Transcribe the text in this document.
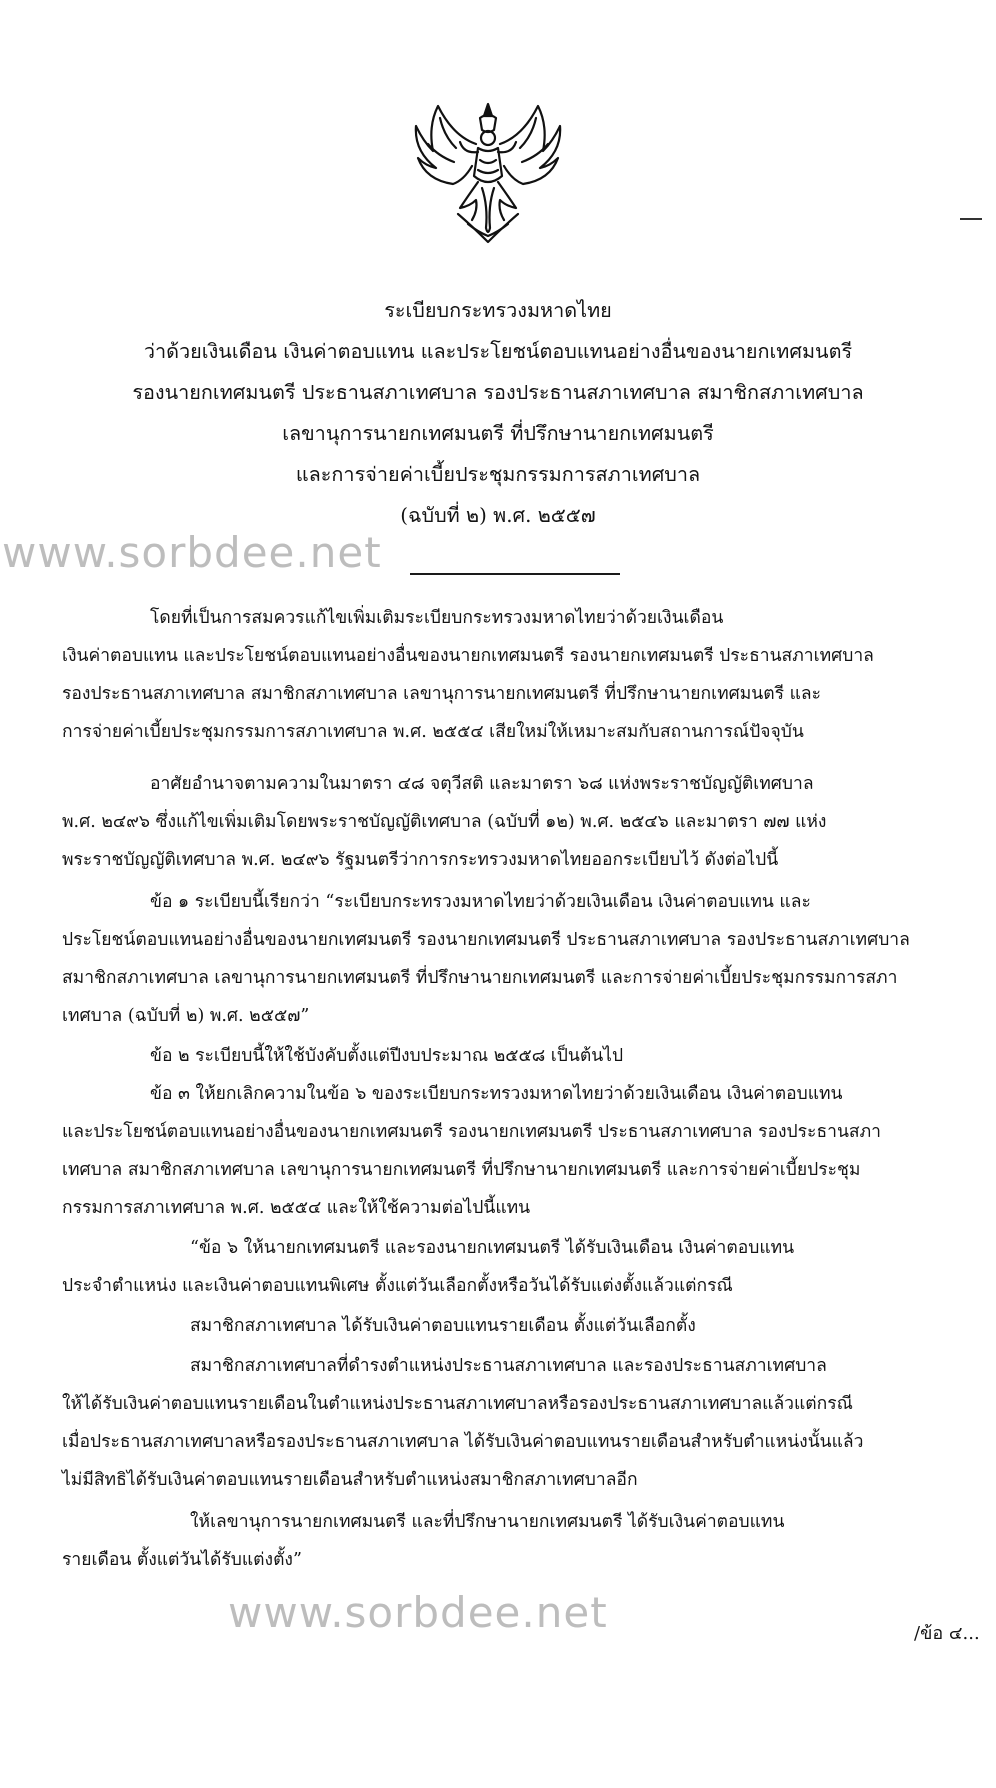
ระเบียบกระทรวงมหาดไทย
ว่าด้วยเงินเดือน เงินค่าตอบแทน และประโยชน์ตอบแทนอย่างอื่นของนายกเทศมนตรี
รองนายกเทศมนตรี ประธานสภาเทศบาล รองประธานสภาเทศบาล สมาชิกสภาเทศบาล
เลขานุการนายกเทศมนตรี ที่ปรึกษานายกเทศมนตรี
และการจ่ายค่าเบี้ยประชุมกรรมการสภาเทศบาล
(ฉบับที่ ๒) พ.ศ. ๒๕๕๗
www.sorbdee.net
โดยที่เป็นการสมควรแก้ไขเพิ่มเติมระเบียบกระทรวงมหาดไทยว่าด้วยเงินเดือน
เงินค่าตอบแทน และประโยชน์ตอบแทนอย่างอื่นของนายกเทศมนตรี รองนายกเทศมนตรี ประธานสภาเทศบาล
รองประธานสภาเทศบาล สมาชิกสภาเทศบาล เลขานุการนายกเทศมนตรี ที่ปรึกษานายกเทศมนตรี และ
การจ่ายค่าเบี้ยประชุมกรรมการสภาเทศบาล พ.ศ. ๒๕๕๔ เสียใหม่ให้เหมาะสมกับสถานการณ์ปัจจุบัน
อาศัยอำนาจตามความในมาตรา ๔๘ จตุวีสติ และมาตรา ๖๘ แห่งพระราชบัญญัติเทศบาล
พ.ศ. ๒๔๙๖ ซึ่งแก้ไขเพิ่มเติมโดยพระราชบัญญัติเทศบาล (ฉบับที่ ๑๒) พ.ศ. ๒๕๔๖ และมาตรา ๗๗ แห่ง
พระราชบัญญัติเทศบาล พ.ศ. ๒๔๙๖ รัฐมนตรีว่าการกระทรวงมหาดไทยออกระเบียบไว้ ดังต่อไปนี้
ข้อ ๑ ระเบียบนี้เรียกว่า “ระเบียบกระทรวงมหาดไทยว่าด้วยเงินเดือน เงินค่าตอบแทน และ
ประโยชน์ตอบแทนอย่างอื่นของนายกเทศมนตรี รองนายกเทศมนตรี ประธานสภาเทศบาล รองประธานสภาเทศบาล
สมาชิกสภาเทศบาล เลขานุการนายกเทศมนตรี ที่ปรึกษานายกเทศมนตรี และการจ่ายค่าเบี้ยประชุมกรรมการสภา
เทศบาล (ฉบับที่ ๒) พ.ศ. ๒๕๕๗”
ข้อ ๒ ระเบียบนี้ให้ใช้บังคับตั้งแต่ปีงบประมาณ ๒๕๕๘ เป็นต้นไป
ข้อ ๓ ให้ยกเลิกความในข้อ ๖ ของระเบียบกระทรวงมหาดไทยว่าด้วยเงินเดือน เงินค่าตอบแทน
และประโยชน์ตอบแทนอย่างอื่นของนายกเทศมนตรี รองนายกเทศมนตรี ประธานสภาเทศบาล รองประธานสภา
เทศบาล สมาชิกสภาเทศบาล เลขานุการนายกเทศมนตรี ที่ปรึกษานายกเทศมนตรี และการจ่ายค่าเบี้ยประชุม
กรรมการสภาเทศบาล พ.ศ. ๒๕๕๔ และให้ใช้ความต่อไปนี้แทน
“ข้อ ๖ ให้นายกเทศมนตรี และรองนายกเทศมนตรี ได้รับเงินเดือน เงินค่าตอบแทน
ประจำตำแหน่ง และเงินค่าตอบแทนพิเศษ ตั้งแต่วันเลือกตั้งหรือวันได้รับแต่งตั้งแล้วแต่กรณี
สมาชิกสภาเทศบาล ได้รับเงินค่าตอบแทนรายเดือน ตั้งแต่วันเลือกตั้ง
สมาชิกสภาเทศบาลที่ดำรงตำแหน่งประธานสภาเทศบาล และรองประธานสภาเทศบาล
ให้ได้รับเงินค่าตอบแทนรายเดือนในตำแหน่งประธานสภาเทศบาลหรือรองประธานสภาเทศบาลแล้วแต่กรณี
เมื่อประธานสภาเทศบาลหรือรองประธานสภาเทศบาล ได้รับเงินค่าตอบแทนรายเดือนสำหรับตำแหน่งนั้นแล้ว
ไม่มีสิทธิได้รับเงินค่าตอบแทนรายเดือนสำหรับตำแหน่งสมาชิกสภาเทศบาลอีก
ให้เลขานุการนายกเทศมนตรี และที่ปรึกษานายกเทศมนตรี ได้รับเงินค่าตอบแทน
รายเดือน ตั้งแต่วันได้รับแต่งตั้ง”
www.sorbdee.net	/ข้อ ๔...
